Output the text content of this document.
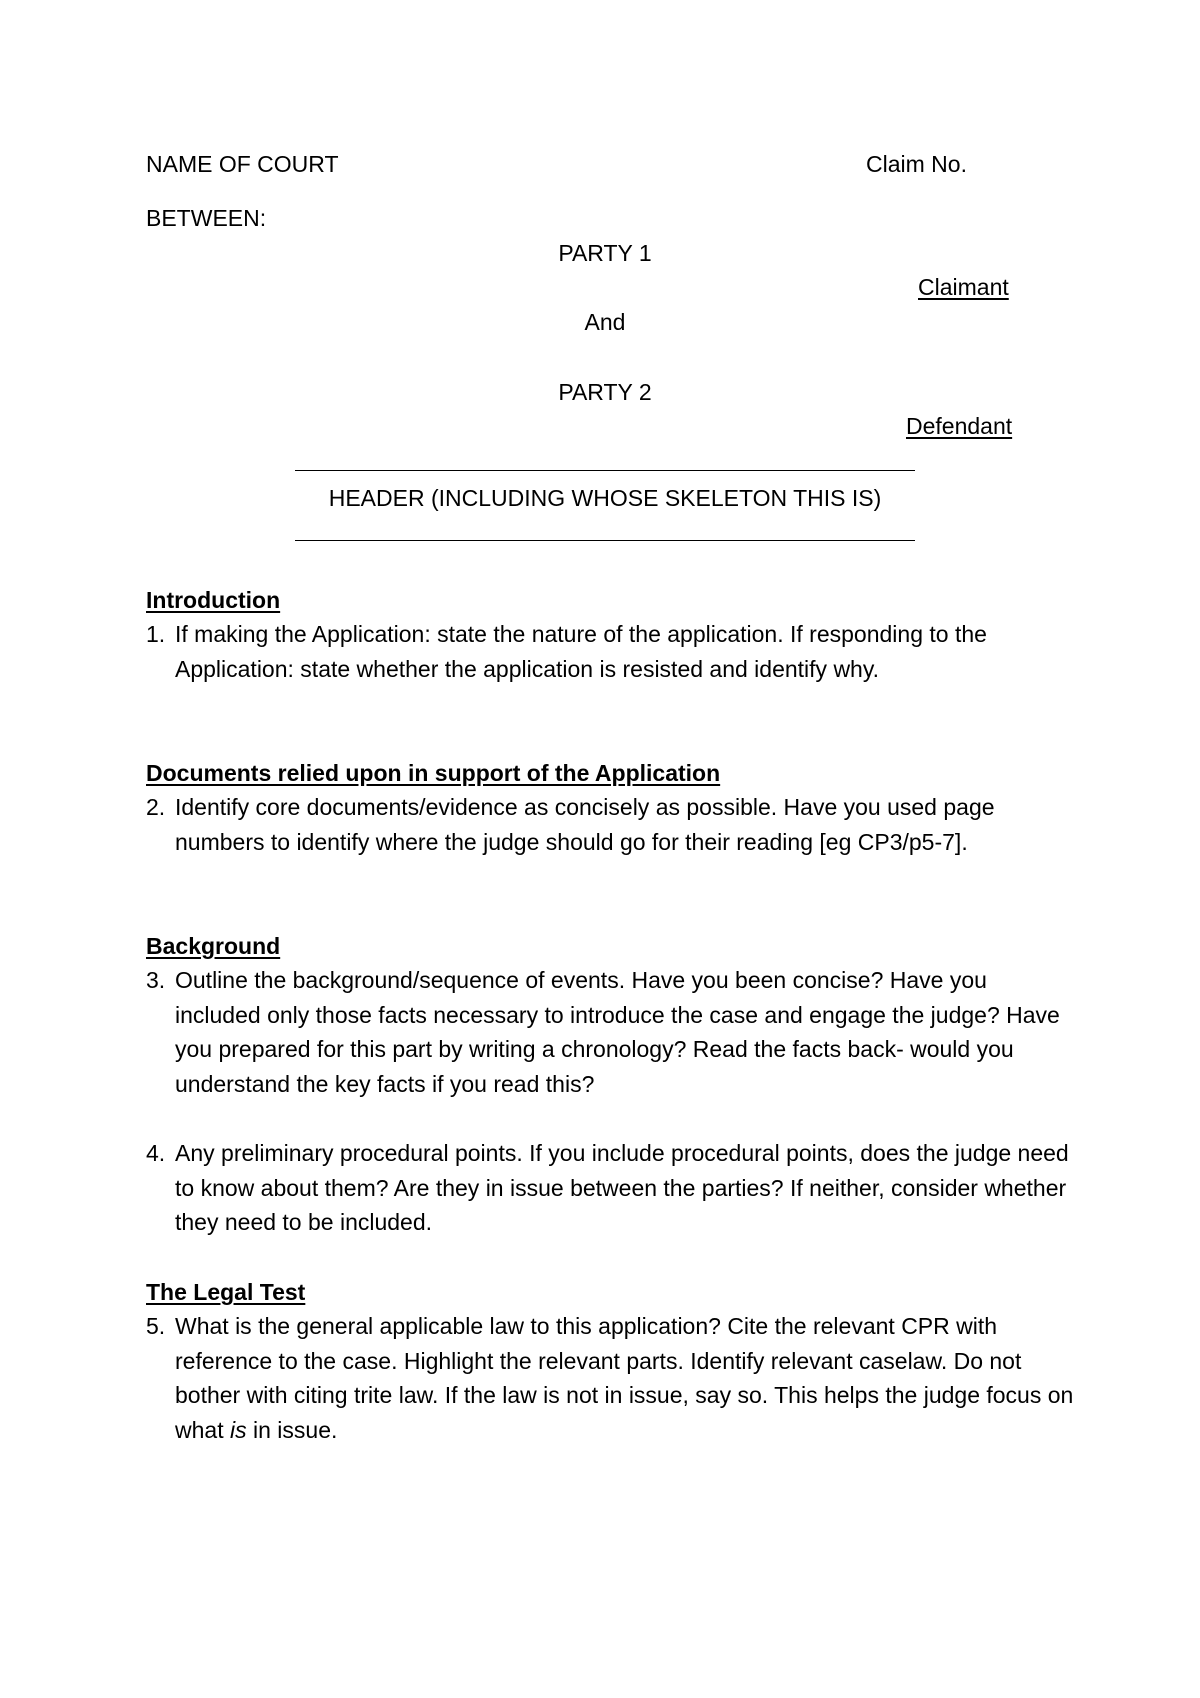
NAME OF COURT	Claim No.
BETWEEN:
PARTY 1
Claimant
And
PARTY 2
Defendant
HEADER (INCLUDING WHOSE SKELETON THIS IS)
Introduction
1. If making the Application: state the nature of the application. If responding to the Application: state whether the application is resisted and identify why.
Documents relied upon in support of the Application
2. Identify core documents/evidence as concisely as possible. Have you used page numbers to identify where the judge should go for their reading [eg CP3/p5-7].
Background
3. Outline the background/sequence of events. Have you been concise? Have you included only those facts necessary to introduce the case and engage the judge? Have you prepared for this part by writing a chronology? Read the facts back- would you understand the key facts if you read this?
4. Any preliminary procedural points. If you include procedural points, does the judge need to know about them? Are they in issue between the parties? If neither, consider whether they need to be included.
The Legal Test
5. What is the general applicable law to this application? Cite the relevant CPR with reference to the case. Highlight the relevant parts. Identify relevant caselaw. Do not bother with citing trite law. If the law is not in issue, say so. This helps the judge focus on what is in issue.
